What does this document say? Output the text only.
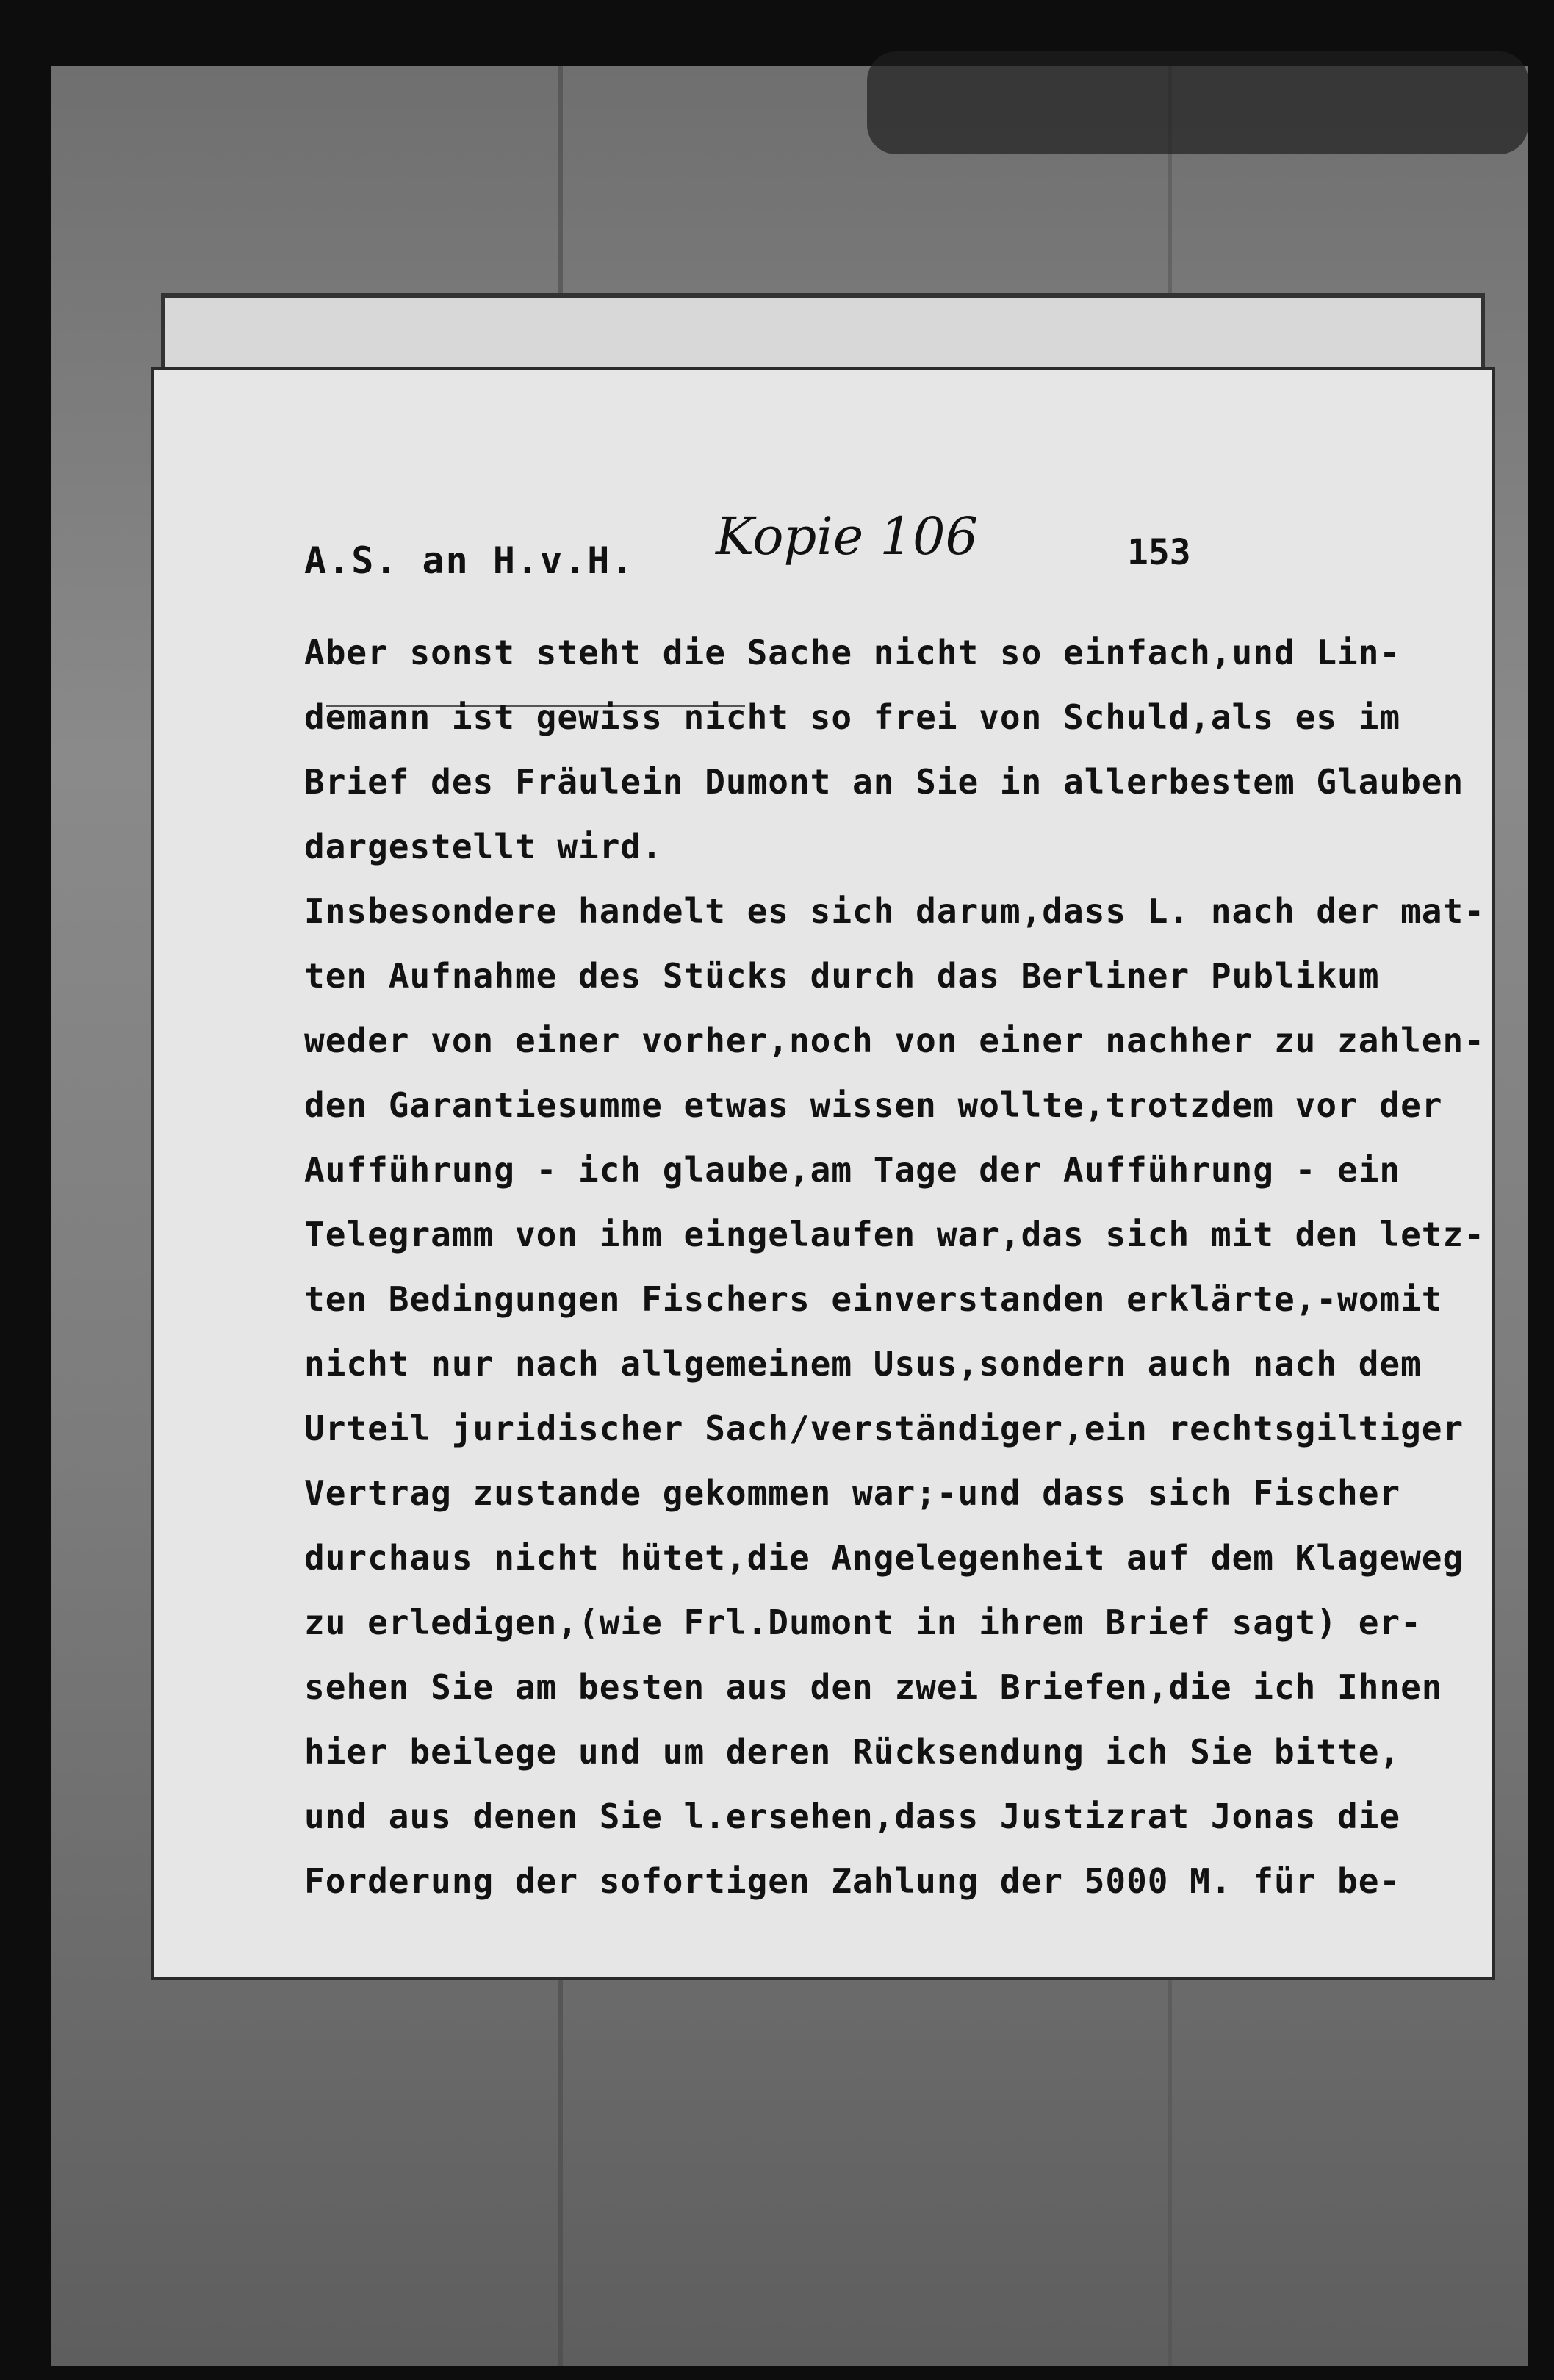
A.S. an H.v.H. Kopie 106	153
Aber sonst steht die Sache nicht so einfach,und Lin-
demann ist gewiss nicht so frei von Schuld,als es im
Brief des Fräulein Dumont an Sie in allerbestem Glauben
dargestellt wird.
Insbesondere handelt es sich darum,dass L. nach der mat-
ten Aufnahme des Stücks durch das Berliner Publikum
weder von einer vorher,noch von einer nachher zu zahlen-
den Garantiesumme etwas wissen wollte,trotzdem vor der
Aufführung - ich glaube,am Tage der Aufführung - ein
Telegramm von ihm eingelaufen war,das sich mit den letz-
ten Bedingungen Fischers einverstanden erklärte,-womit
nicht nur nach allgemeinem Usus,sondern auch nach dem
Urteil juridischer Sach/verständiger,ein rechtsgiltiger
Vertrag zustande gekommen war;-und dass sich Fischer
durchaus nicht hütet,die Angelegenheit auf dem Klageweg
zu erledigen,(wie Frl.Dumont in ihrem Brief sagt) er-
sehen Sie am besten aus den zwei Briefen,die ich Ihnen
hier beilege und um deren Rücksendung ich Sie bitte,
und aus denen Sie l.ersehen,dass Justizrat Jonas die
Forderung der sofortigen Zahlung der 5000 M. für be-
